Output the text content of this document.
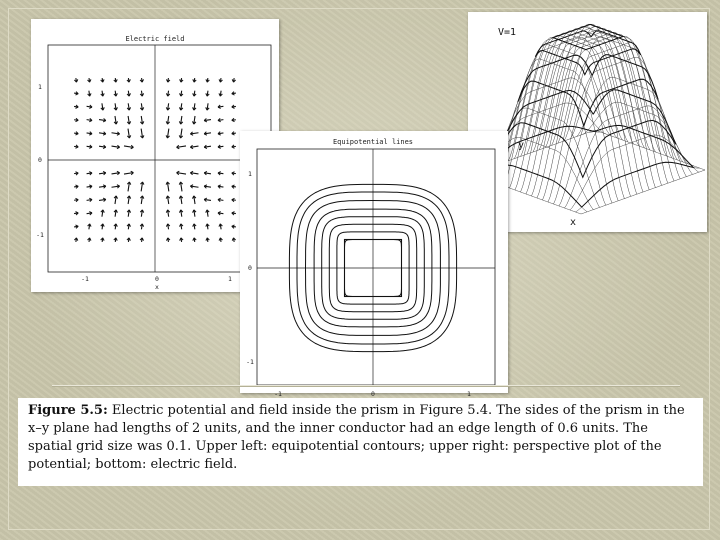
Electric field
1
0
-1
-1	0	1
x
V=1
y
x
Equipotential lines
1
0
-1
-1	0	1
Figure 5.5: Electric potential and field inside the prism in Figure 5.4. The sides of the prism in the x–y plane had lengths of 2 units, and the inner conductor had an edge length of 0.6 units. The spatial grid size was 0.1. Upper left: equipotential contours; upper right: perspective plot of the potential; bottom: electric field.
